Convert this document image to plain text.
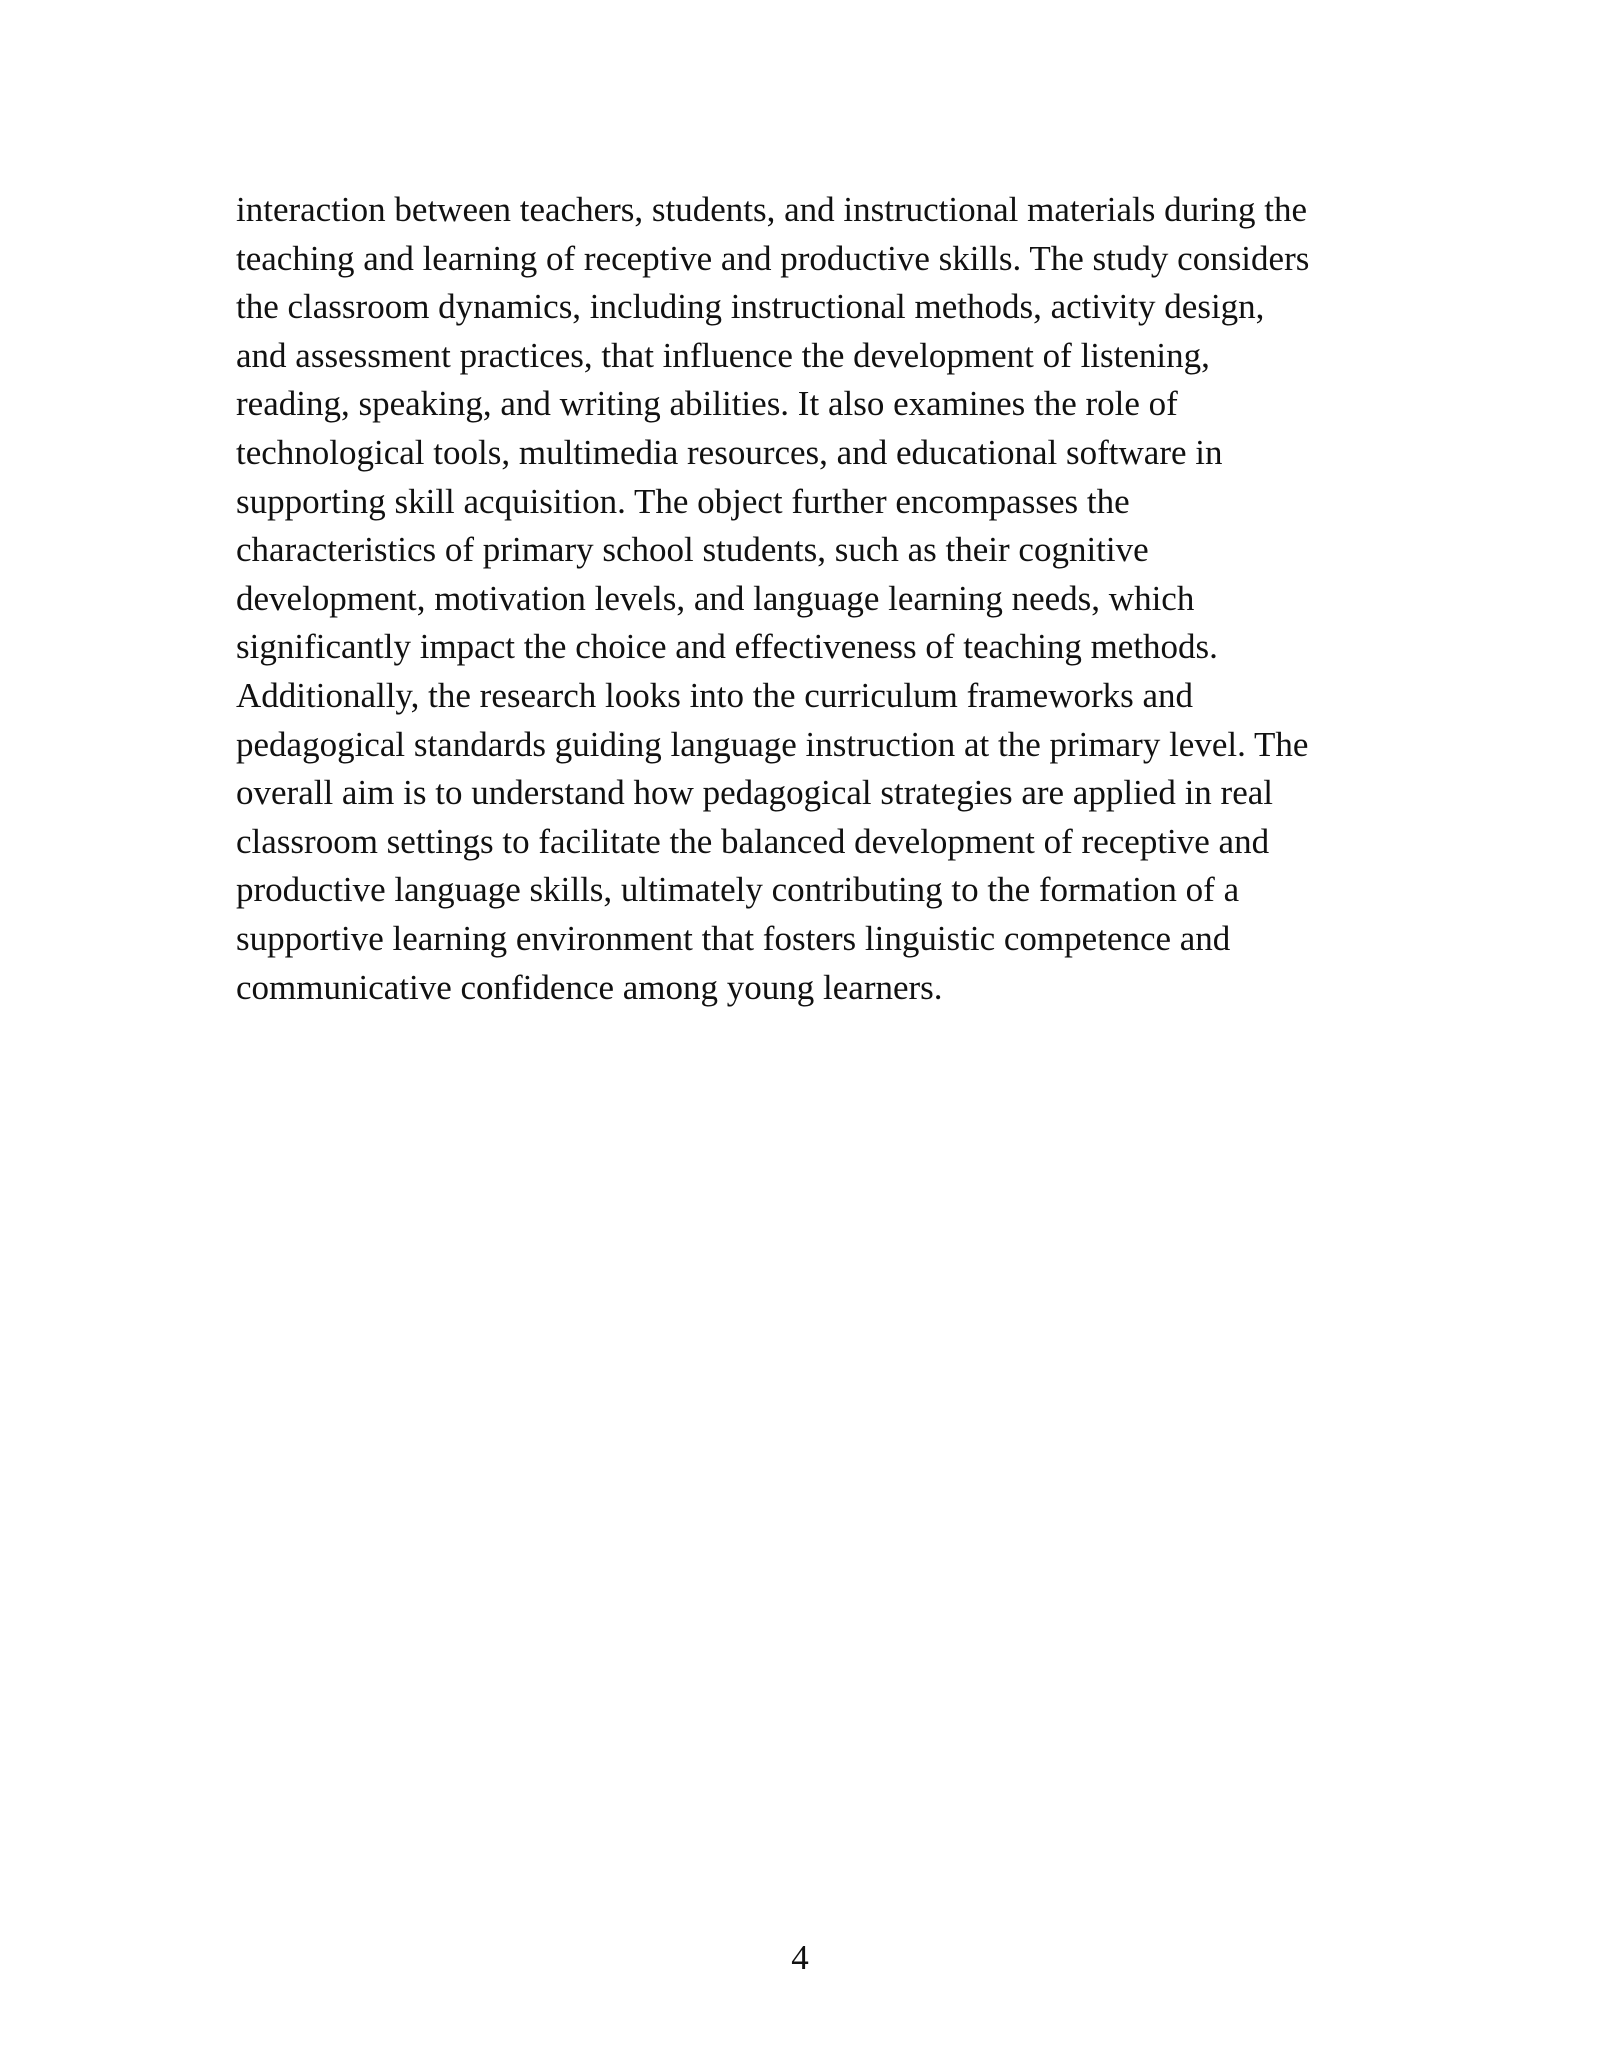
interaction between teachers, students, and instructional materials during the
teaching and learning of receptive and productive skills. The study considers
the classroom dynamics, including instructional methods, activity design,
and assessment practices, that influence the development of listening,
reading, speaking, and writing abilities. It also examines the role of
technological tools, multimedia resources, and educational software in
supporting skill acquisition. The object further encompasses the
characteristics of primary school students, such as their cognitive
development, motivation levels, and language learning needs, which
significantly impact the choice and effectiveness of teaching methods.
Additionally, the research looks into the curriculum frameworks and
pedagogical standards guiding language instruction at the primary level. The
overall aim is to understand how pedagogical strategies are applied in real
classroom settings to facilitate the balanced development of receptive and
productive language skills, ultimately contributing to the formation of a
supportive learning environment that fosters linguistic competence and
communicative confidence among young learners.

4
